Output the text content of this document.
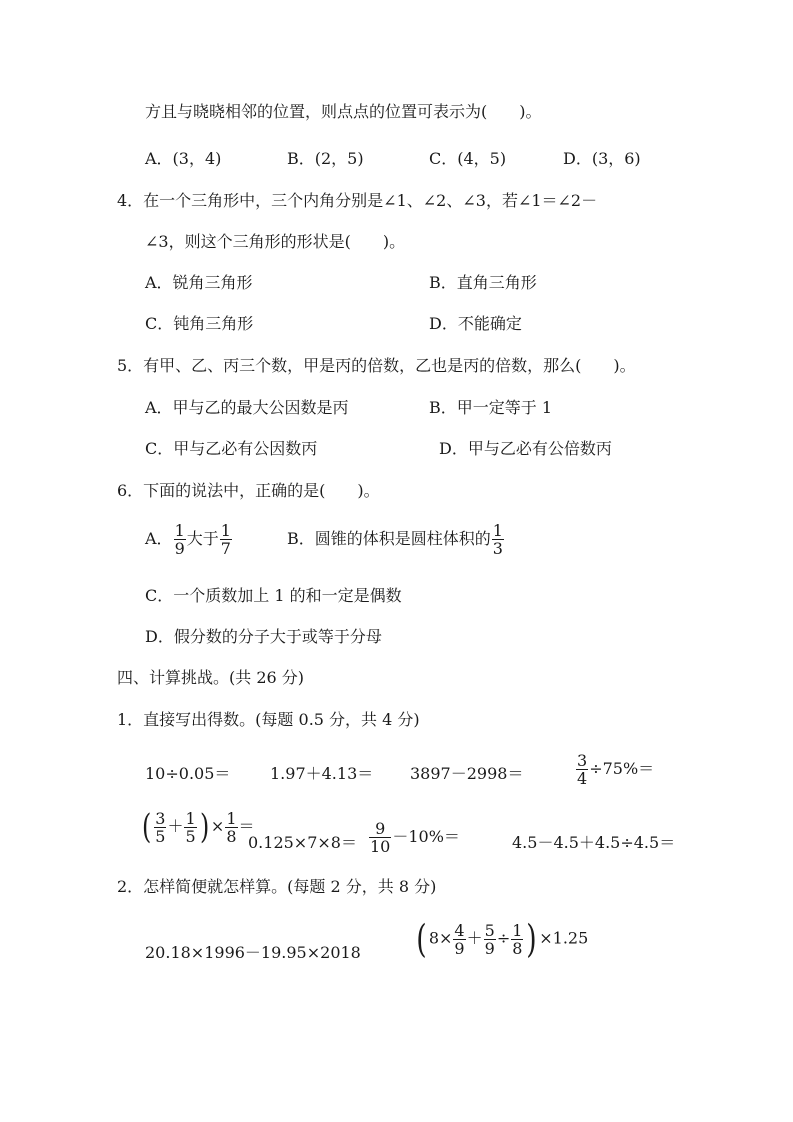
方且与晓晓相邻的位置，则点点的位置可表示为(　　)。
A．(3，4)	B．(2，5)	C．(4，5)	D．(3，6)
4．在一个三角形中，三个内角分别是∠1、∠2、∠3，若∠1＝∠2－
∠3，则这个三角形的形状是(　　)。
A．锐角三角形	B．直角三角形
C．钝角三角形	D．不能确定
5．有甲、乙、丙三个数，甲是丙的倍数，乙也是丙的倍数，那么(　　)。
A．甲与乙的最大公因数是丙	B．甲一定等于 1
C．甲与乙必有公因数丙	D．甲与乙必有公倍数丙
6．下面的说法中，正确的是(　　)。
A． $\frac{1}{9}$ 大于 $\frac{1}{7}$	B．圆锥的体积是圆柱体积的 $\frac{1}{3}$
C．一个质数加上 1 的和一定是偶数
D．假分数的分子大于或等于分母
四、计算挑战。(共 26 分)
1．直接写出得数。(每题 0.5 分，共 4 分)
10÷0.05＝ 1.97＋4.13＝ 3897－2998＝	$\frac{3}{4} \div 75\%=$
( $\frac{3}{5} + \frac{1}{5}$ ) × $\frac{1}{8}$ ＝
$0.125\times 7\times 8= \frac{9}{10} -10\%=$	4.5－4.5＋4.5÷4.5＝
2．怎样简便就怎样算。(每题 2 分，共 8 分)
20.18×1996－19.95×2018 ( $8\times \frac{4}{9} + \frac{5}{9} \div \frac{1}{8}$ ) ×1.25
